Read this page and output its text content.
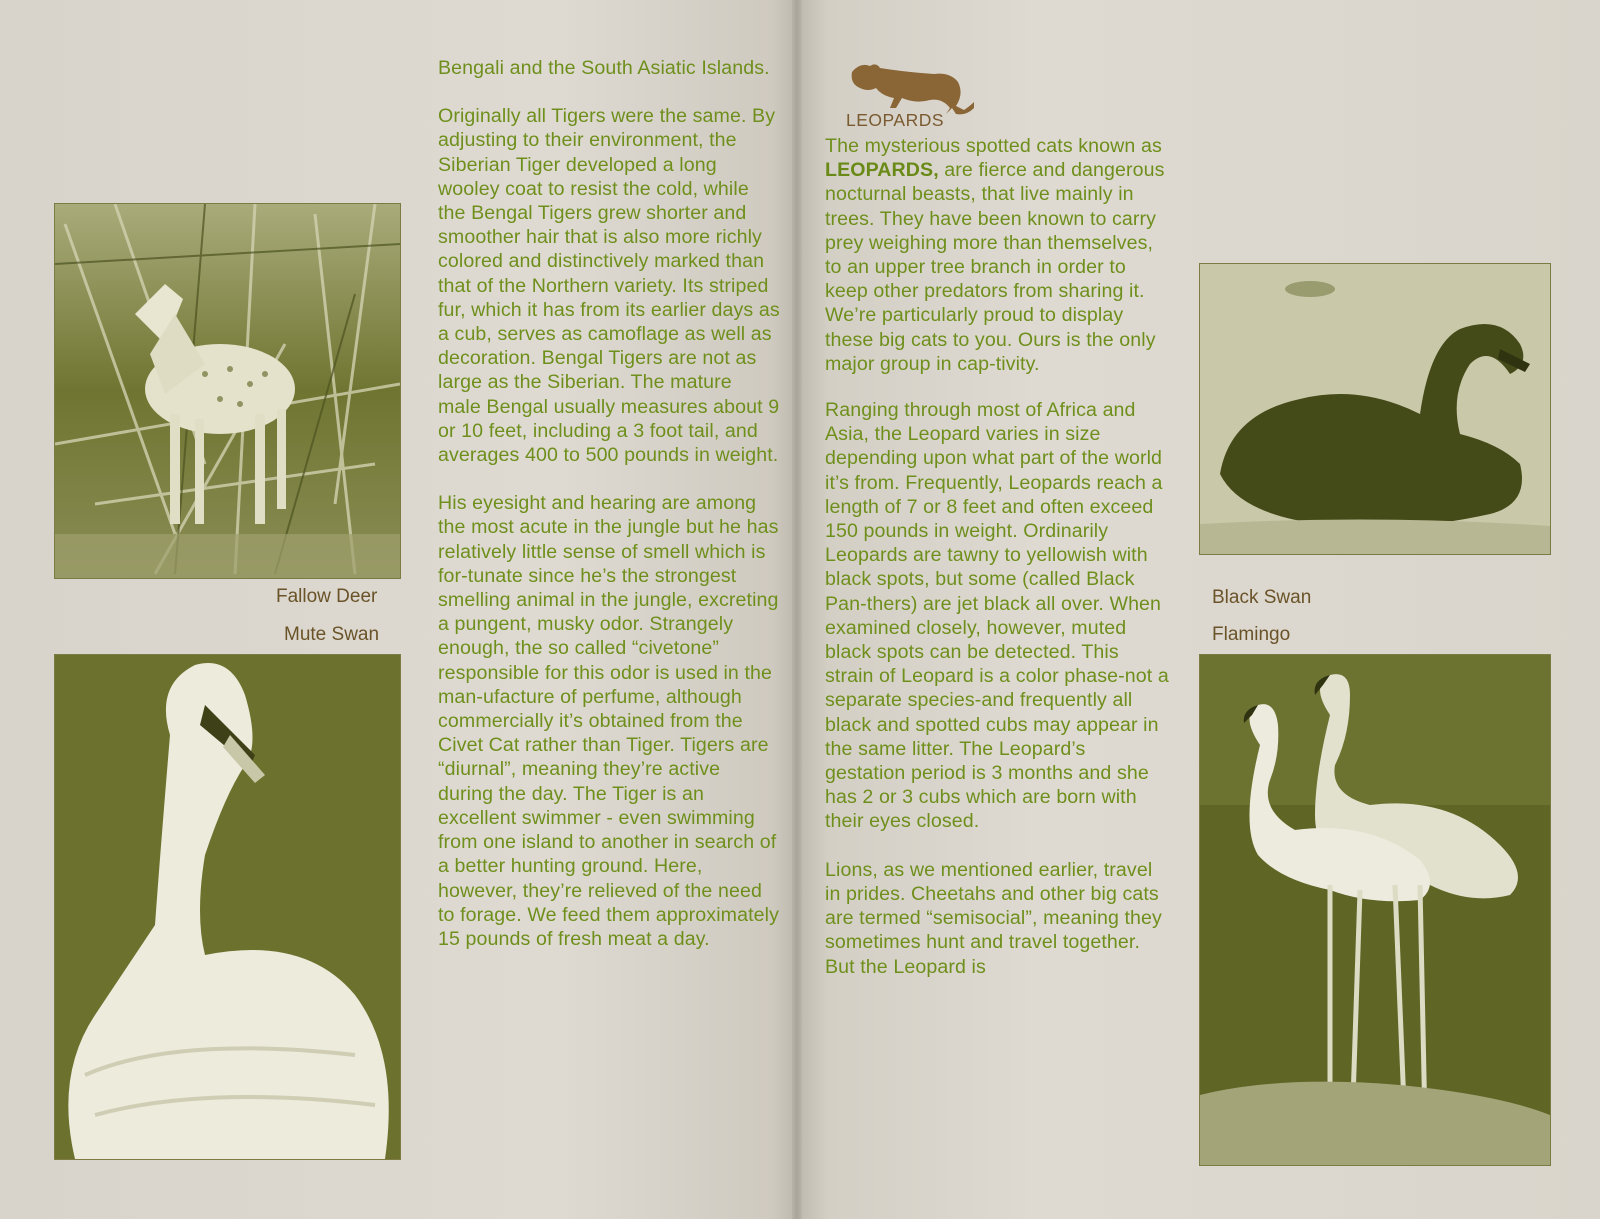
Bengali and the South Asiatic Islands.

Originally all Tigers were the same. By adjusting to their environment, the Siberian Tiger developed a long wooley coat to resist the cold, while the Bengal Tigers grew shorter and smoother hair that is also more richly colored and distinctively marked than that of the Northern variety. Its striped fur, which it has from its earlier days as a cub, serves as camoflage as well as decoration. Bengal Tigers are not as large as the Siberian. The mature male Bengal usually measures about 9 or 10 feet, including a 3 foot tail, and averages 400 to 500 pounds in weight.

His eyesight and hearing are among the most acute in the jungle but he has relatively little sense of smell which is for-tunate since he’s the strongest smelling animal in the jungle, excreting a pungent, musky odor. Strangely enough, the so called “civetone” responsible for this odor is used in the man-ufacture of perfume, although commercially it’s obtained from the Civet Cat rather than Tiger. Tigers are “diurnal”, meaning they’re active during the day. The Tiger is an excellent swimmer - even swimming from one island to another in search of a better hunting ground. Here, however, they’re relieved of the need to forage. We feed them approximately 15 pounds of fresh meat a day.

Fallow Deer
Mute Swan
LEOPARDS

The mysterious spotted cats known as LEOPARDS, are fierce and dangerous nocturnal beasts, that live mainly in trees. They have been known to carry prey weighing more than themselves, to an upper tree branch in order to keep other predators from sharing it. We’re particularly proud to display these big cats to you. Ours is the only major group in cap-tivity.

Ranging through most of Africa and Asia, the Leopard varies in size depending upon what part of the world it’s from. Frequently, Leopards reach a length of 7 or 8 feet and often exceed 150 pounds in weight. Ordinarily Leopards are tawny to yellowish with black spots, but some (called Black Pan-thers) are jet black all over. When examined closely, however, muted black spots can be detected. This strain of Leopard is a color phase-not a separate species-and frequently all black and spotted cubs may appear in the same litter. The Leopard’s gestation period is 3 months and she has 2 or 3 cubs which are born with their eyes closed.

Lions, as we mentioned earlier, travel in prides. Cheetahs and other big cats are termed “semisocial”, meaning they sometimes hunt and travel together. But the Leopard is

Black Swan
Flamingo
